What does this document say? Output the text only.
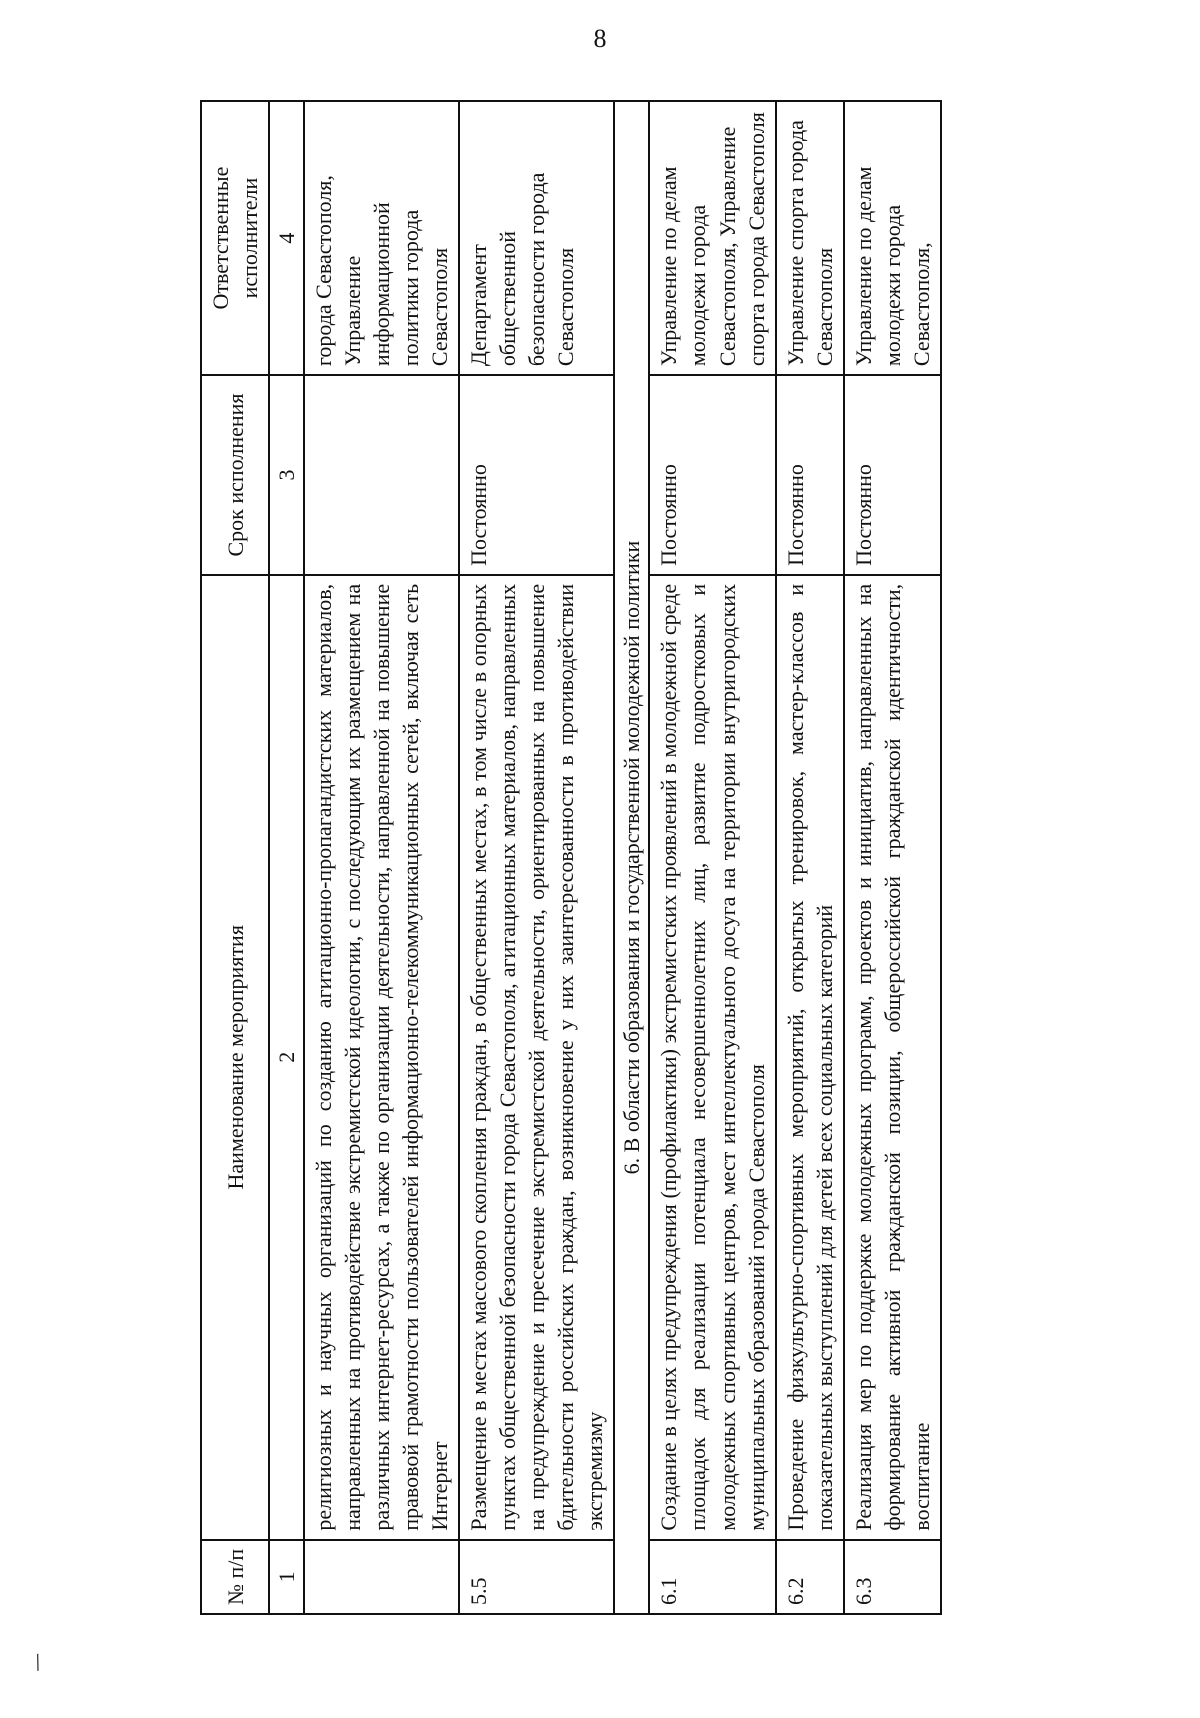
8
№ п/п	Наименование мероприятия	Срок исполнения	Ответственные исполнители
1	2	3	4
	религиозных и научных организаций по созданию агитационно-пропагандистских материалов, направленных на противодействие экстремистской идеологии, с последующим их размещением на различных интернет-ресурсах, а также по организации деятельности, направленной на повышение правовой грамотности пользователей информационно-телекоммуникационных сетей, включая сеть Интернет		города Севастополя, Управление информационной политики города Севастополя
5.5	Размещение в местах массового скопления граждан, в общественных местах, в том числе в опорных пунктах общественной безопасности города Севастополя, агитационных материалов, направленных на предупреждение и пресечение экстремистской деятельности, ориентированных на повышение бдительности российских граждан, возникновение у них заинтересованности в противодействии экстремизму	Постоянно	Департамент общественной безопасности города Севастополя
6. В области образования и государственной молодежной политики			
6.1	Создание в целях предупреждения (профилактики) экстремистских проявлений в молодежной среде площадок для реализации потенциала несовершеннолетних лиц, развитие подростковых и молодежных спортивных центров, мест интеллектуального досуга на территории внутригородских муниципальных образований города Севастополя	Постоянно	Управление по делам молодежи города Севастополя, Управление спорта города Севастополя
6.2	Проведение физкультурно-спортивных мероприятий, открытых тренировок, мастер-классов и показательных выступлений для детей всех социальных категорий	Постоянно	Управление спорта города Севастополя
6.3	Реализация мер по поддержке молодежных программ, проектов и инициатив, направленных на формирование активной гражданской позиции, общероссийской гражданской идентичности, воспитание	Постоянно	Управление по делам молодежи города Севастополя,
/
